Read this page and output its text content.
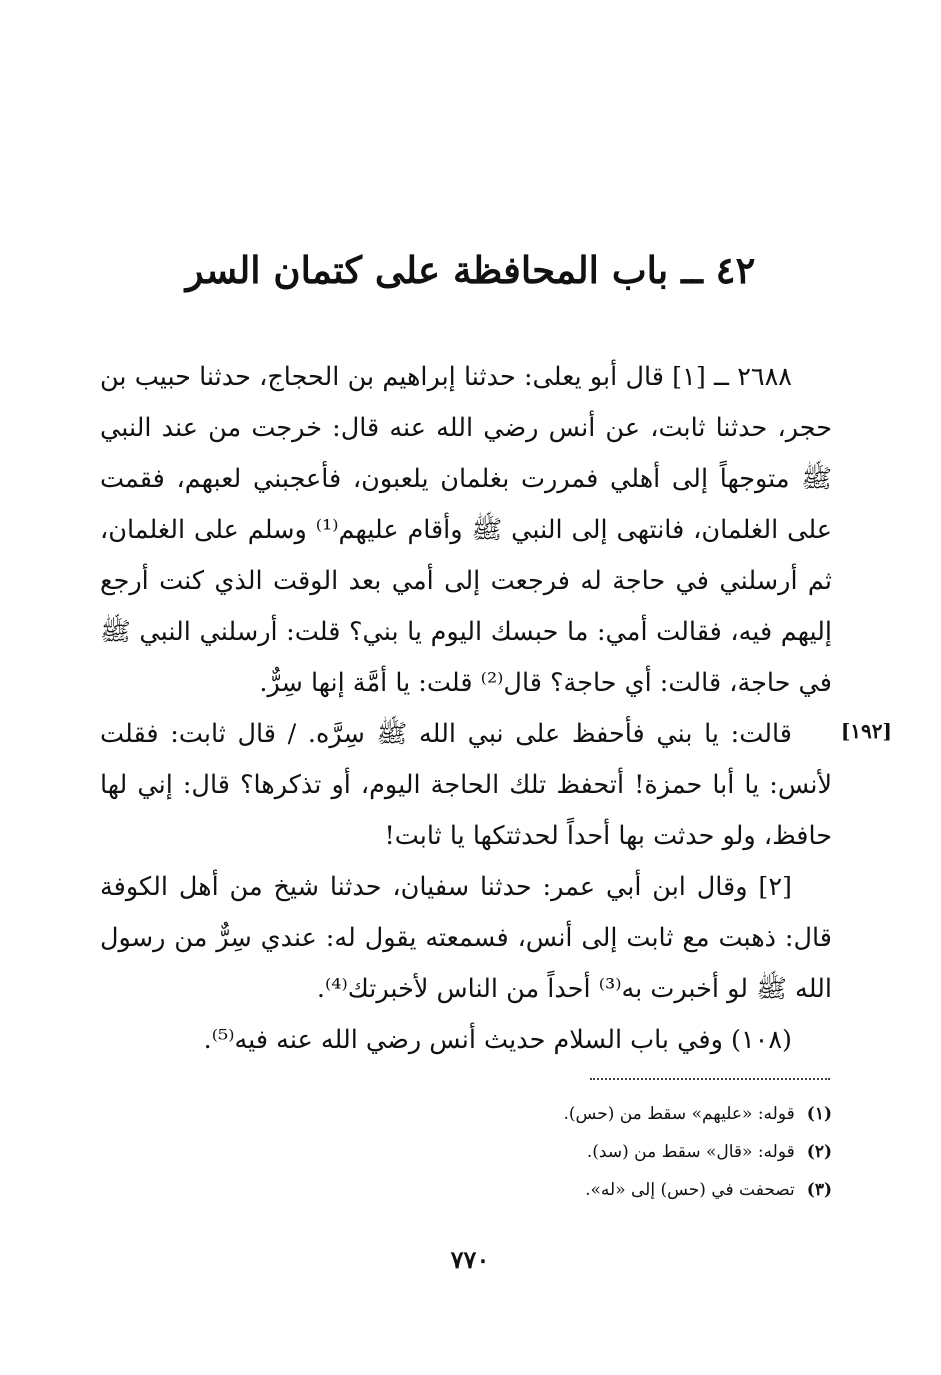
٤٢ ــ باب المحافظة على كتمان السر

٢٦٨٨ ــ [١] قال أبو يعلى: حدثنا إبراهيم بن الحجاج، حدثنا حبيب بن حجر، حدثنا ثابت، عن أنس رضي الله عنه قال: خرجت من عند النبي ﷺ متوجهاً إلى أهلي فمررت بغلمان يلعبون، فأعجبني لعبهم، فقمت على الغلمان، فانتهى إلى النبي ﷺ وأقام عليهم⁽¹⁾ وسلم على الغلمان، ثم أرسلني في حاجة له فرجعت إلى أمي بعد الوقت الذي كنت أرجع إليهم فيه، فقالت أمي: ما حبسك اليوم يا بني؟ قلت: أرسلني النبي ﷺ في حاجة، قالت: أي حاجة؟ قال⁽²⁾ قلت: يا أمَّة إنها سِرٌّ.

قالت: يا بني فأحفظ على نبي الله ﷺ سِرَّه. / قال ثابت: فقلت لأنس: يا أبا حمزة! أتحفظ تلك الحاجة اليوم، أو تذكرها؟ قال: إني لها حافظ، ولو حدثت بها أحداً لحدثتكها يا ثابت!

[٢] وقال ابن أبي عمر: حدثنا سفيان، حدثنا شيخ من أهل الكوفة قال: ذهبت مع ثابت إلى أنس، فسمعته يقول له: عندي سِرٌّ من رسول الله ﷺ لو أخبرت به⁽³⁾ أحداً من الناس لأخبرتك⁽⁴⁾.

(١٠٨) وفي باب السلام حديث أنس رضي الله عنه فيه⁽⁵⁾.

[١٩٢]
(١)قوله: «عليهم» سقط من (حس).
(٢)قوله: «قال» سقط من (سد).
(٣)تصحفت في (حس) إلى «له».
٧٧٠
